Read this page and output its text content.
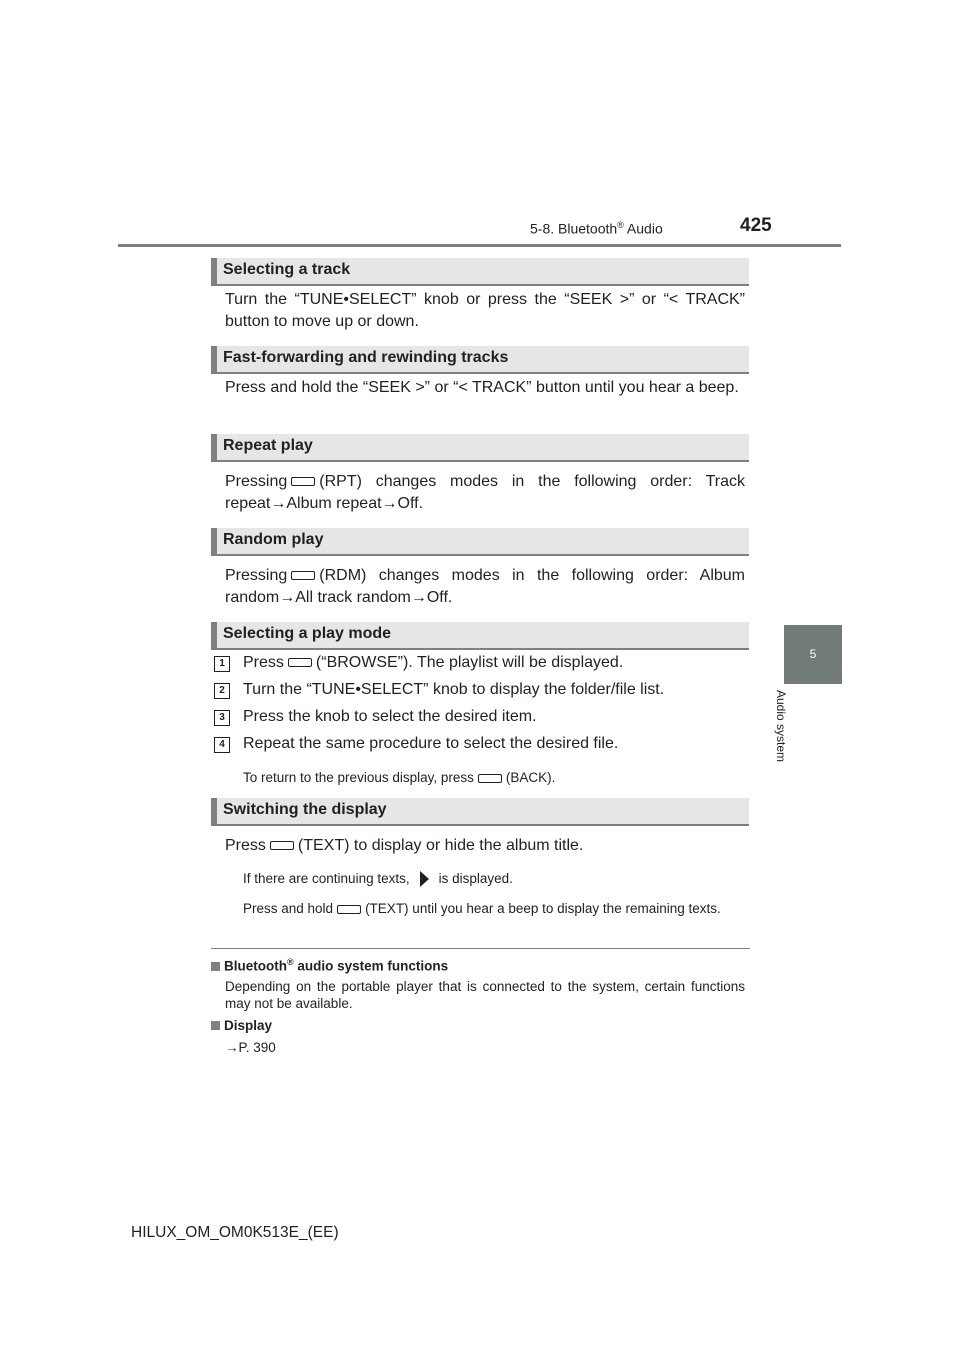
5-8. Bluetooth® Audio	425
5
Audio system
Selecting a track
Turn the “TUNE•SELECT” knob or press the “SEEK >” or “< TRACK” button to move up or down.
Fast-forwarding and rewinding tracks
Press and hold the “SEEK >” or “< TRACK” button until you hear a beep.
Repeat play
Pressing (RPT) changes modes in the following order: Track repeat→Album repeat→Off.
Random play
Pressing (RDM) changes modes in the following order: Album random→All track random→Off.
Selecting a play mode
1	Press (“BROWSE”). The playlist will be displayed.
2	Turn the “TUNE•SELECT” knob to display the folder/file list.
3	Press the knob to select the desired item.
4	Repeat the same procedure to select the desired file.
To return to the previous display, press (BACK).
Switching the display
Press (TEXT) to display or hide the album title.
If there are continuing texts, is displayed.
Press and hold (TEXT) until you hear a beep to display the remaining texts.
Bluetooth® audio system functions
Depending on the portable player that is connected to the system, certain functions may not be available.
Display
→P. 390
HILUX_OM_OM0K513E_(EE)
